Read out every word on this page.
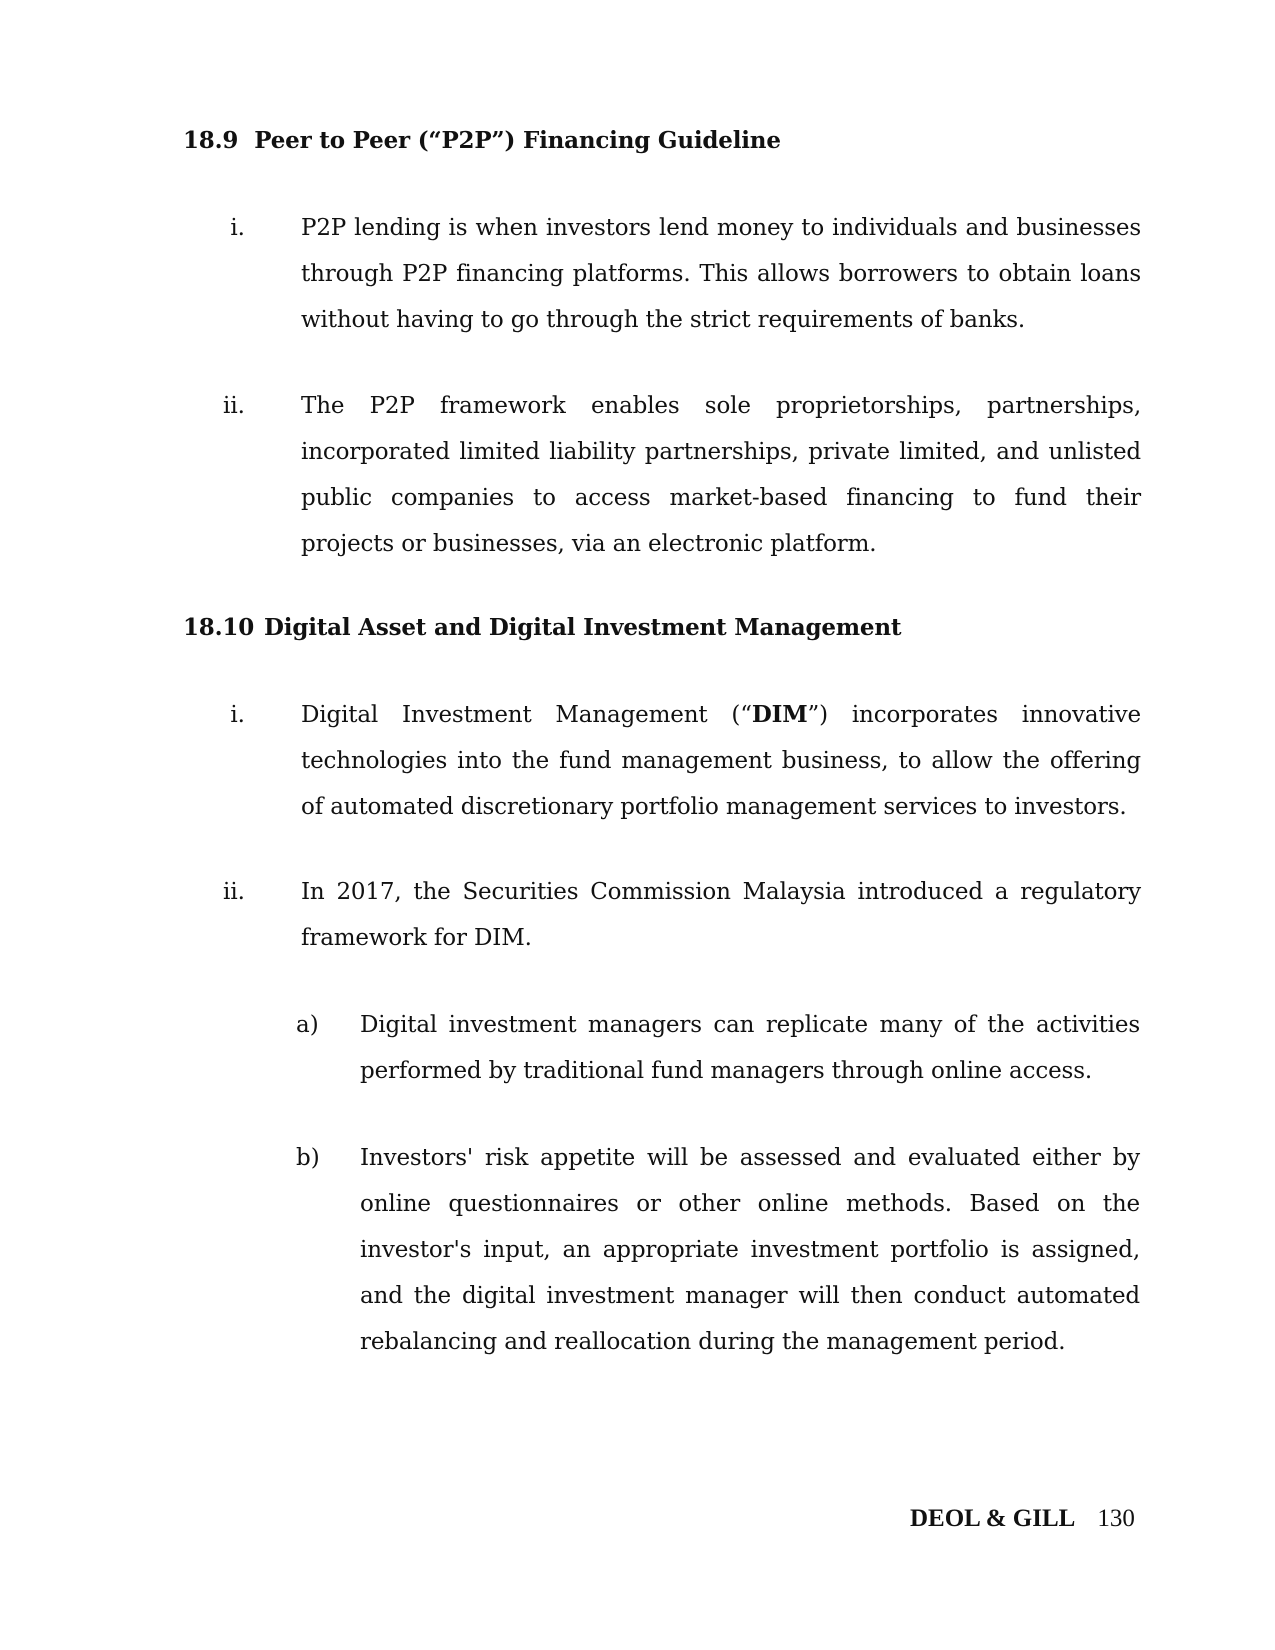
18.9 Peer to Peer (“P2P”) Financing Guideline
i. P2P lending is when investors lend money to individuals and businesses through P2P financing platforms. This allows borrowers to obtain loans without having to go through the strict requirements of banks.
ii. The P2P framework enables sole proprietorships, partnerships, incorporated limited liability partnerships, private limited, and unlisted public companies to access market-based financing to fund their projects or businesses, via an electronic platform.
18.10 Digital Asset and Digital Investment Management
i. Digital Investment Management (“DIM”) incorporates innovative technologies into the fund management business, to allow the offering of automated discretionary portfolio management services to investors.
ii. In 2017, the Securities Commission Malaysia introduced a regulatory framework for DIM.
a)	Digital investment managers can replicate many of the activities performed by traditional fund managers through online access.
b)	Investors' risk appetite will be assessed and evaluated either by online questionnaires or other online methods. Based on the investor's input, an appropriate investment portfolio is assigned, and the digital investment manager will then conduct automated rebalancing and reallocation during the management period.
DEOL & GILL 130
